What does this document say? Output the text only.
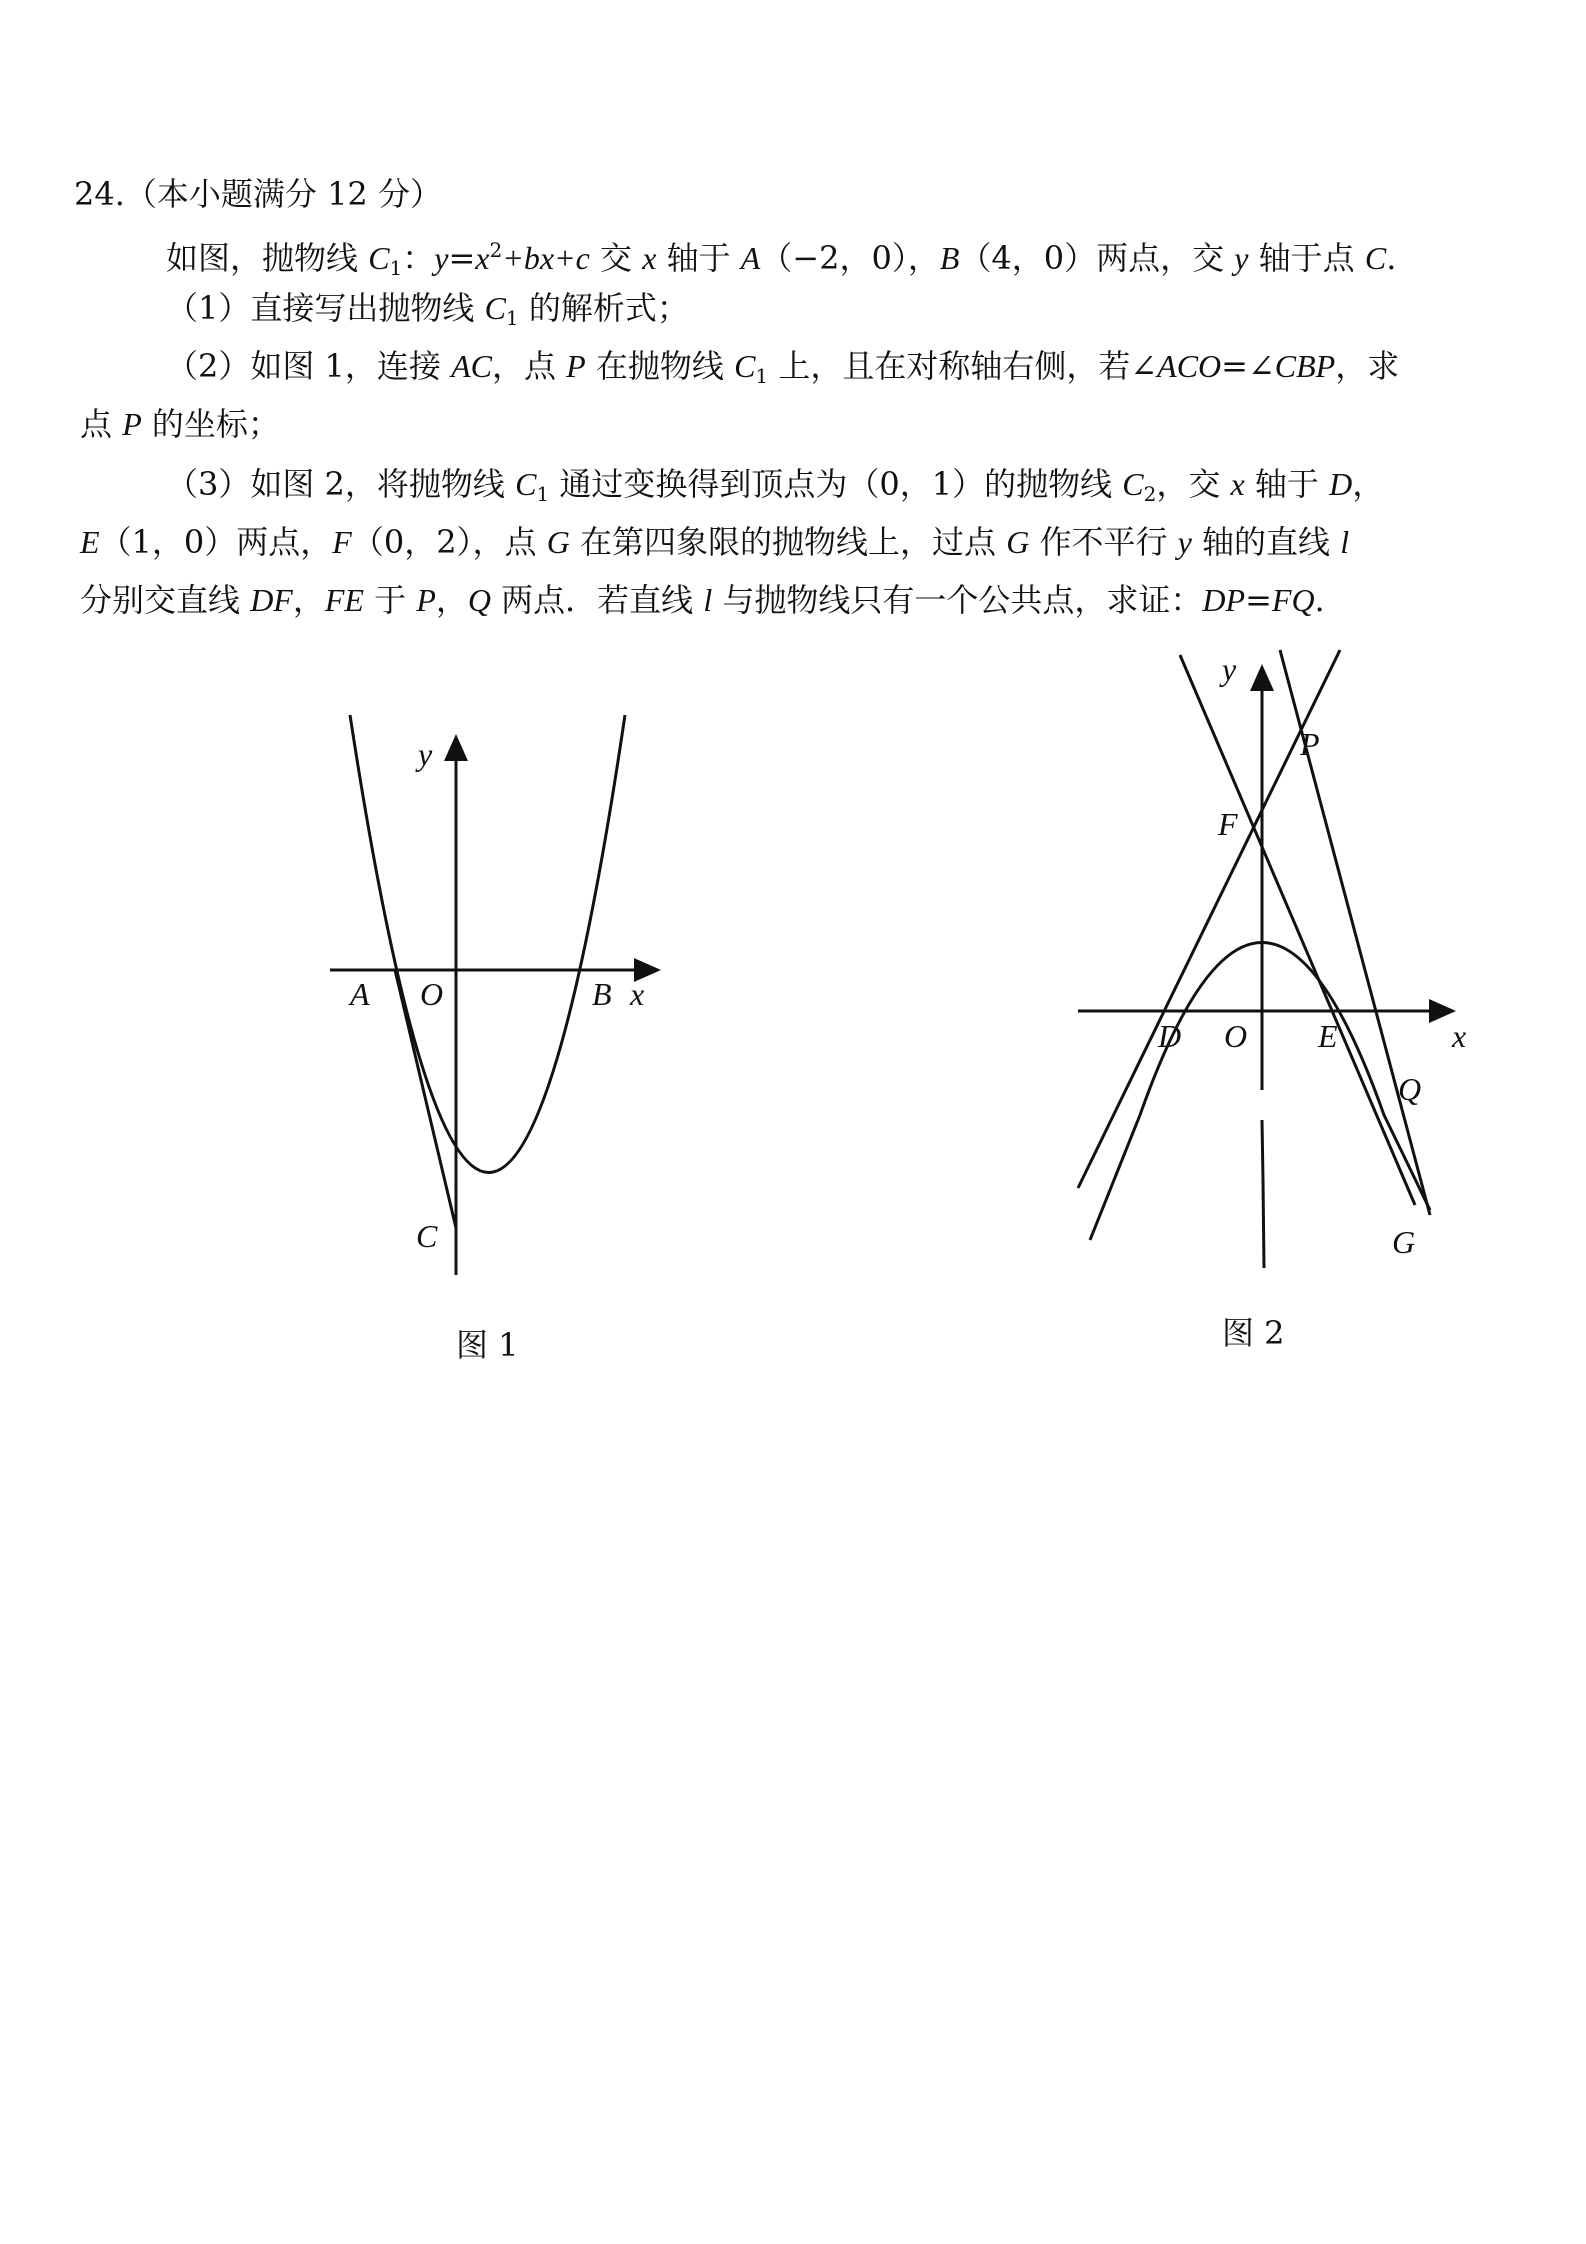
24.（本小题满分 12 分）
如图，抛物线 $C_1$：$y=x^2+bx+c$ 交 x 轴于 A（−2，0），B（4，0）两点，交 y 轴于点 C.
（1）直接写出抛物线 $C_1$ 的解析式；
（2）如图 1，连接 AC，点 P 在抛物线 $C_1$ 上，且在对称轴右侧，若∠ACO=∠CBP，求
点 P 的坐标；
（3）如图 2，将抛物线 $C_1$ 通过变换得到顶点为（0，1）的抛物线 $C_2$，交 x 轴于 D，
E（1，0）两点，F（0，2），点 G 在第四象限的抛物线上，过点 G 作不平行 y 轴的直线 l
分别交直线 DF，FE 于 P，Q 两点．若直线 l 与抛物线只有一个公共点，求证：DP=FQ.
y
x
A O	B
C
图 1
y
x
P
F
D O E
Q
G
图 2
